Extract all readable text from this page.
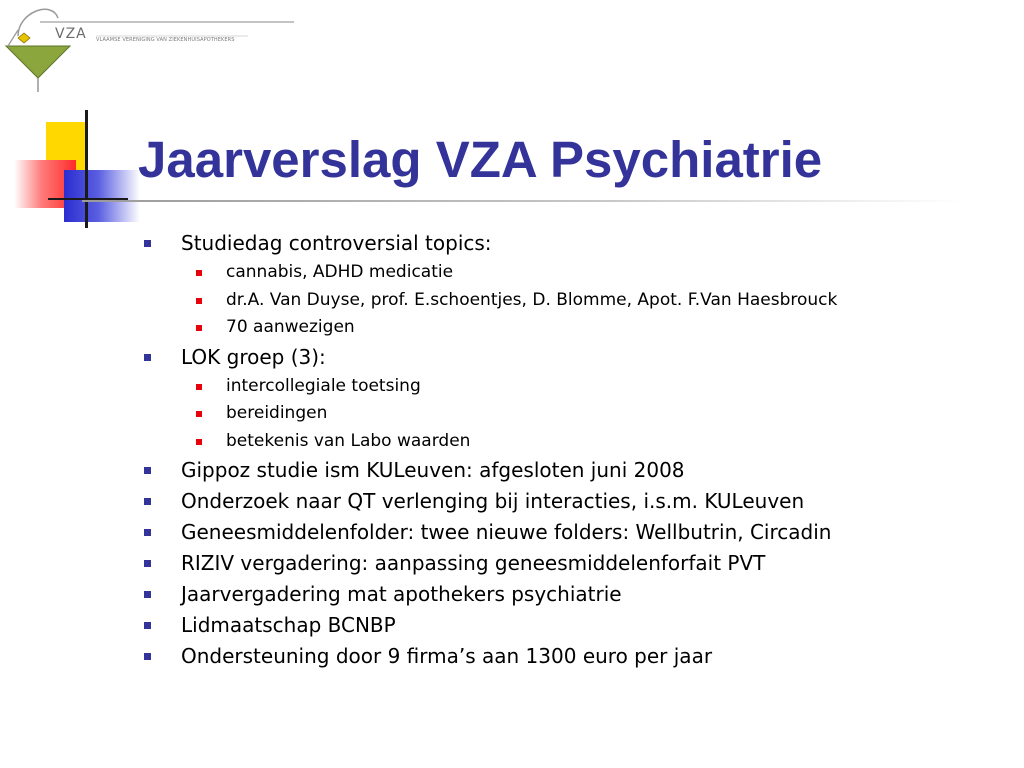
VZA VLAAMSE VERENIGING VAN ZIEKENHUISAPOTHEKERS
Jaarverslag VZA Psychiatrie
Studiedag controversial topics:
cannabis, ADHD medicatie
dr.A. Van Duyse, prof. E.schoentjes, D. Blomme, Apot. F.Van Haesbrouck
70 aanwezigen
LOK groep (3):
intercollegiale toetsing
bereidingen
betekenis van Labo waarden
Gippoz studie ism KULeuven: afgesloten juni 2008
Onderzoek naar QT verlenging bij interacties, i.s.m. KULeuven
Geneesmiddelenfolder: twee nieuwe folders: Wellbutrin, Circadin
RIZIV vergadering: aanpassing geneesmiddelenforfait PVT
Jaarvergadering mat apothekers psychiatrie
Lidmaatschap BCNBP
Ondersteuning door 9 firma’s aan 1300 euro per jaar
